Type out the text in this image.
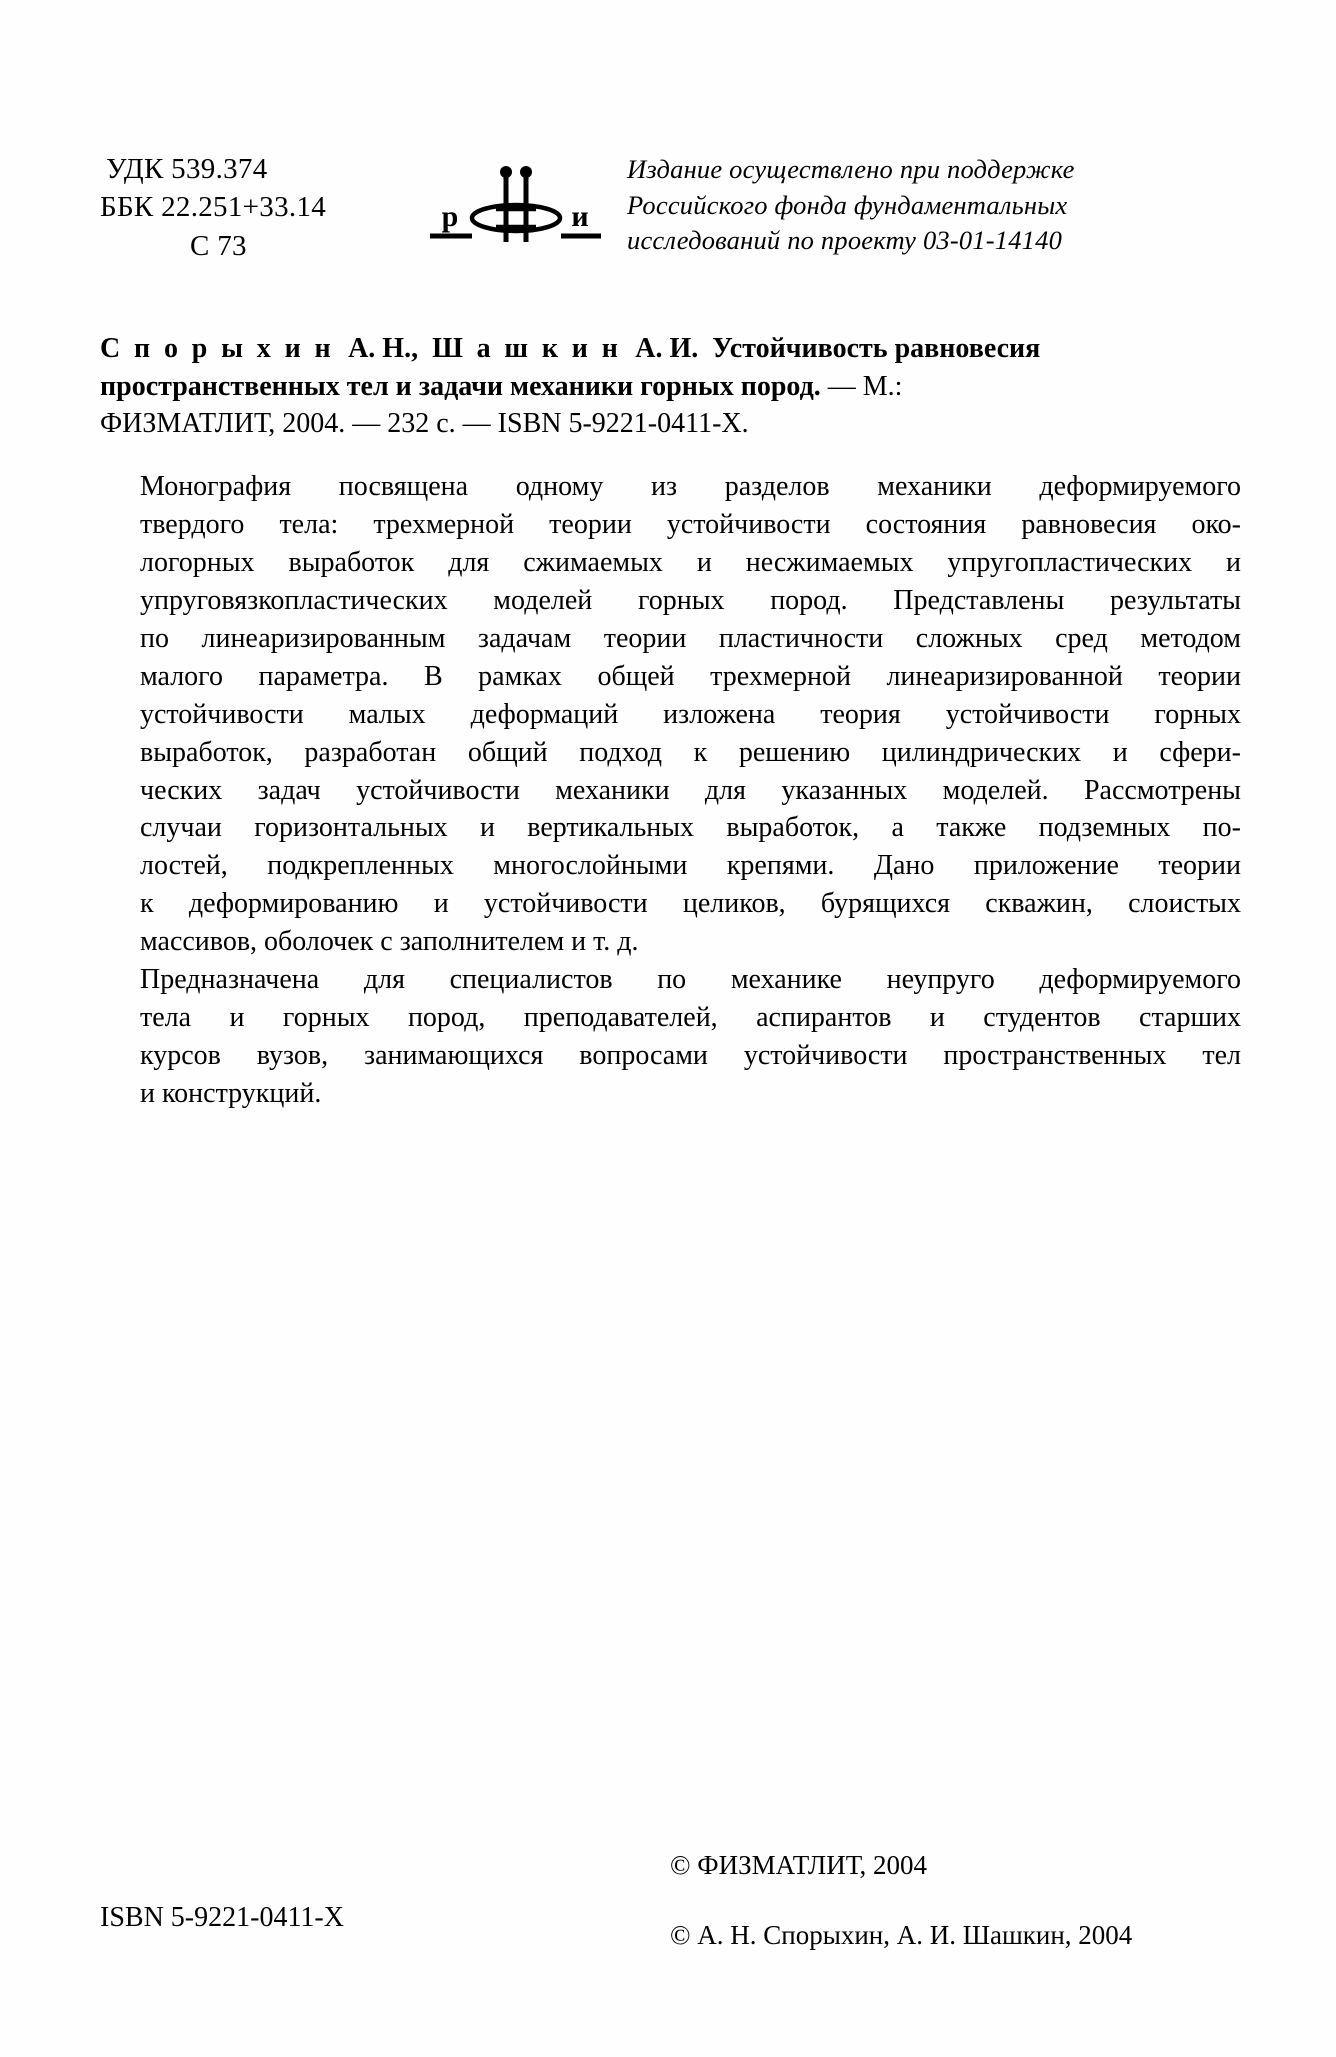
УДК 539.374
ББК 22.251+33.14
С 73
р	и
Издание осуществлено при поддержке
Российского фонда фундаментальных
исследований по проекту 03-01-14140
С п о р ы х и н А. Н., Ш а ш к и н А. И. Устойчивость равновесия
пространственных тел и задачи механики горных пород. — М.:
ФИЗМАТЛИТ, 2004. — 232 с. — ISBN 5-9221-0411-X.

Монография посвящена одному из разделов механики деформируемого
твердого тела: трехмерной теории устойчивости состояния равновесия око-
логорных выработок для сжимаемых и несжимаемых упругопластических и
упруговязкопластических моделей горных пород. Представлены результаты
по линеаризированным задачам теории пластичности сложных сред методом
малого параметра. В рамках общей трехмерной линеаризированной теории
устойчивости малых деформаций изложена теория устойчивости горных
выработок, разработан общий подход к решению цилиндрических и сфери-
ческих задач устойчивости механики для указанных моделей. Рассмотрены
случаи горизонтальных и вертикальных выработок, а также подземных по-
лостей, подкрепленных многослойными крепями. Дано приложение теории
к деформированию и устойчивости целиков, бурящихся скважин, слоистых
массивов, оболочек с заполнителем и т. д.

Предназначена для специалистов по механике неупруго деформируемого
тела и горных пород, преподавателей, аспирантов и студентов старших
курсов вузов, занимающихся вопросами устойчивости пространственных тел
и конструкций.

ISBN 5-9221-0411-X
© ФИЗМАТЛИТ, 2004
© А. Н. Спорыхин, А. И. Шашкин, 2004
